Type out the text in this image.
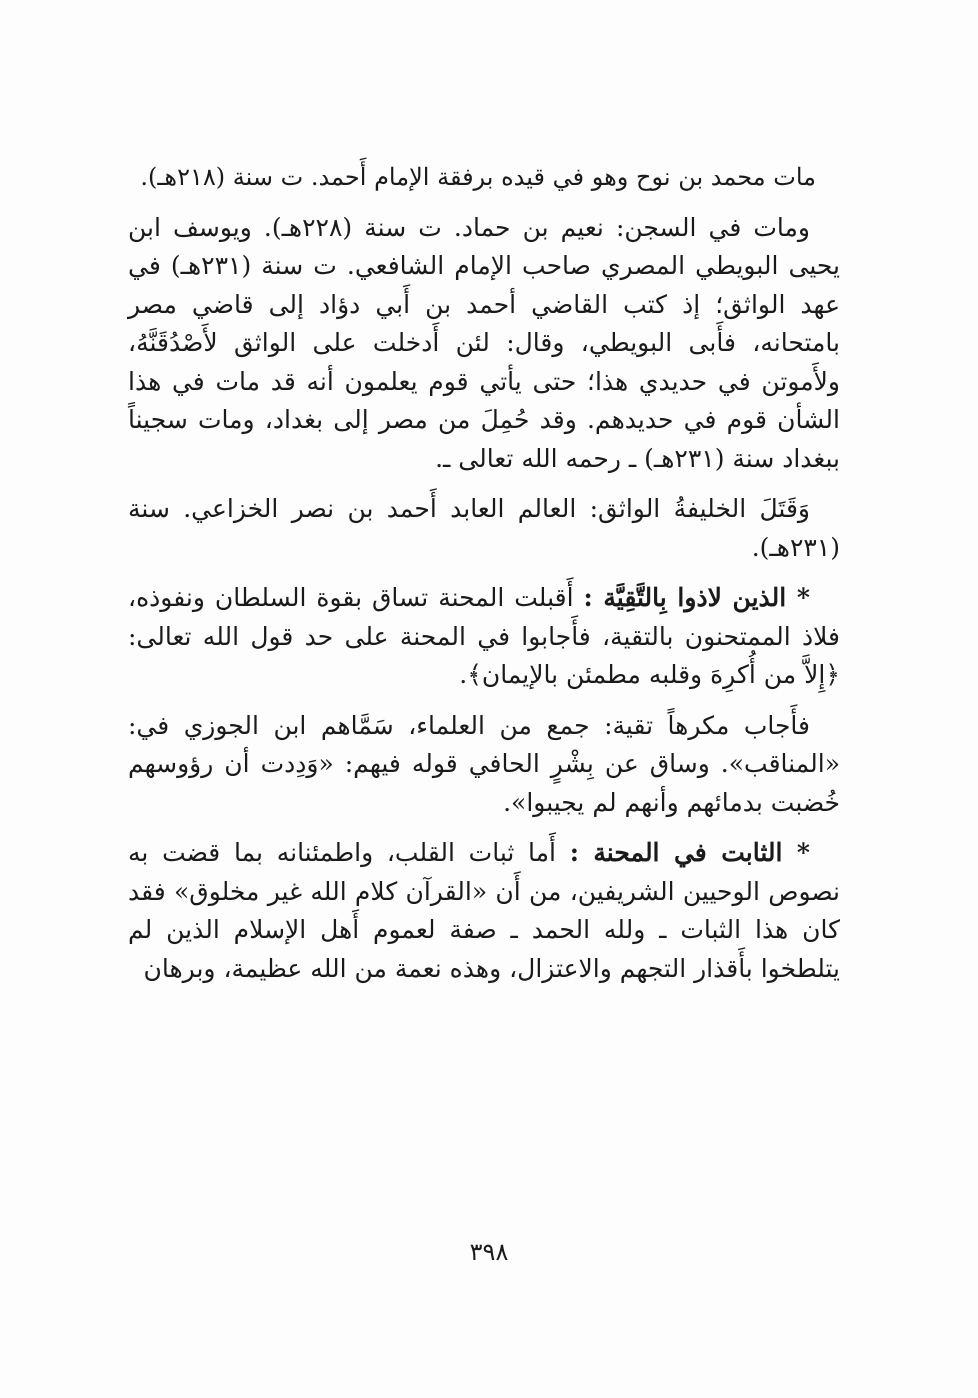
مات محمد بن نوح وهو في قيده برفقة الإمام أَحمد. ت سنة (٢١٨هـ).

ومات في السجن: نعيم بن حماد. ت سنة (٢٢٨هـ). ويوسف ابن يحيى البويطي المصري صاحب الإمام الشافعي. ت سنة (٢٣١هـ) في عهد الواثق؛ إذ كتب القاضي أحمد بن أَبي دؤاد إلى قاضي مصر بامتحانه، فأَبى البويطي، وقال: لئن أَدخلت على الواثق لأَصْدُقَنَّهُ، ولأَموتن في حديدي هذا؛ حتى يأتي قوم يعلمون أنه قد مات في هذا الشأن قوم في حديدهم. وقد حُمِلَ من مصر إلى بغداد، ومات سجيناً ببغداد سنة (٢٣١هـ) ـ رحمه الله تعالى ـ.

وَقَتَلَ الخليفةُ الواثق: العالم العابد أَحمد بن نصر الخزاعي. سنة (٢٣١هـ).

* الذين لاذوا بِالتَّقِيَّة : أَقبلت المحنة تساق بقوة السلطان ونفوذه، فلاذ الممتحنون بالتقية، فأَجابوا في المحنة على حد قول الله تعالى: ﴿إِلاَّ من أُكرِهَ وقلبه مطمئن بالإيمان﴾.

فأَجاب مكرهاً تقية: جمع من العلماء، سَمَّاهم ابن الجوزي في: «المناقب». وساق عن بِشْرٍ الحافي قوله فيهم: «وَدِدت أن رؤوسهم خُضبت بدمائهم وأنهم لم يجيبوا».

* الثابت في المحنة : أَما ثبات القلب، واطمئنانه بما قضت به نصوص الوحيين الشريفين، من أَن «القرآن كلام الله غير مخلوق» فقد كان هذا الثبات ـ ولله الحمد ـ صفة لعموم أَهل الإسلام الذين لم يتلطخوا بأَقذار التجهم والاعتزال، وهذه نعمة من الله عظيمة، وبرهان

٣٩٨
